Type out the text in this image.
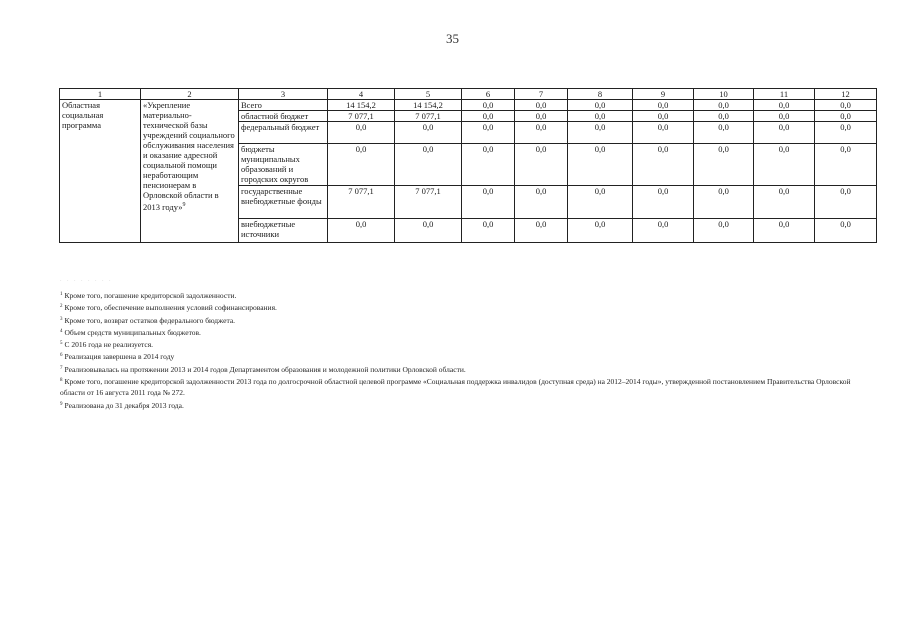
35
1	2	3	4	5	6	7	8	9	10	11	12
Областная социальная программа	«Укрепление материально-технической базы учреждений социального обслуживания населения и оказание адресной социальной помощи неработающим пенсионерам в Орловской области в 2013 году»$^9$	Всего	14 154,2	14 154,2	0,0	0,0	0,0	0,0	0,0	0,0	0,0
		областной бюджет	7 077,1	7 077,1	0,0	0,0	0,0	0,0	0,0	0,0	0,0
		федеральный бюджет	0,0	0,0	0,0	0,0	0,0	0,0	0,0	0,0	0,0
		бюджеты муниципальных образований и городских округов	0,0	0,0	0,0	0,0	0,0	0,0	0,0	0,0	0,0
		государственные внебюджетные фонды	7 077,1	7 077,1	0,0	0,0	0,0	0,0	0,0	0,0	0,0
		внебюджетные источники	0,0	0,0	0,0	0,0	0,0	0,0	0,0	0,0	0,0
. . . . . . . .
$^1$ Кроме того, погашение кредиторской задолженности.
$^2$ Кроме того, обеспечение выполнения условий софинансирования.
$^3$ Кроме того, возврат остатков федерального бюджета.
$^4$ Объем средств муниципальных бюджетов.
$^5$ С 2016 года не реализуется.
$^6$ Реализация завершена в 2014 году
$^7$ Реализовывалась на протяжении 2013 и 2014 годов Департаментом образования и молодежной политики Орловской области.
$^8$ Кроме того, погашение кредиторской задолженности 2013 года по долгосрочной областной целевой программе «Социальная поддержка инвалидов (доступная среда) на 2012–2014 годы», утвержденной постановлением Правительства Орловской области от 16 августа 2011 года № 272.
$^9$ Реализована до 31 декабря 2013 года.
